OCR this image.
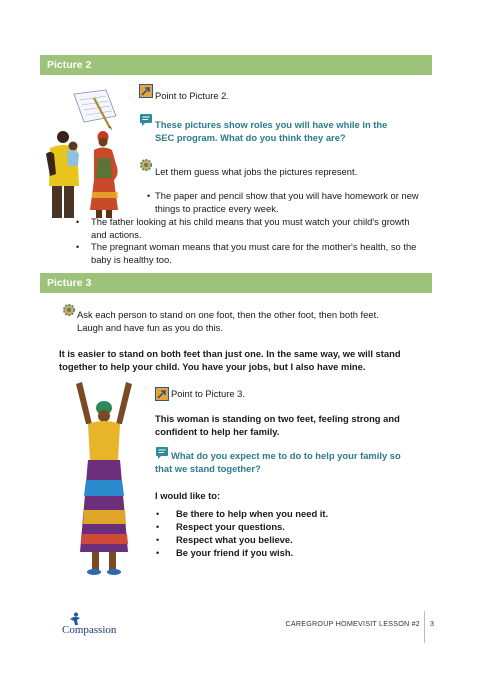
Picture 2
Point to Picture 2.
These pictures show roles you will have while in the SEC program. What do you think they are?
Let them guess what jobs the pictures represent.
• The paper and pencil show that you will have homework or new things to practice every week.
• The father looking at his child means that you must watch your child's growth and actions.
• The pregnant woman means that you must care for the mother's health, so the baby is healthy too.
Picture 3
Ask each person to stand on one foot, then the other foot, then both feet. Laugh and have fun as you do this.
It is easier to stand on both feet than just one. In the same way, we will stand together to help your child. You have your jobs, but I also have mine.
Point to Picture 3.
This woman is standing on two feet, feeling strong and confident to help her family.
What do you expect me to do to help your family so that we stand together?
I would like to:
• Be there to help when you need it.
• Respect your questions.
• Respect what you believe.
• Be your friend if you wish.
Compassion
CAREGROUP HOMEVISIT LESSON #2 3
